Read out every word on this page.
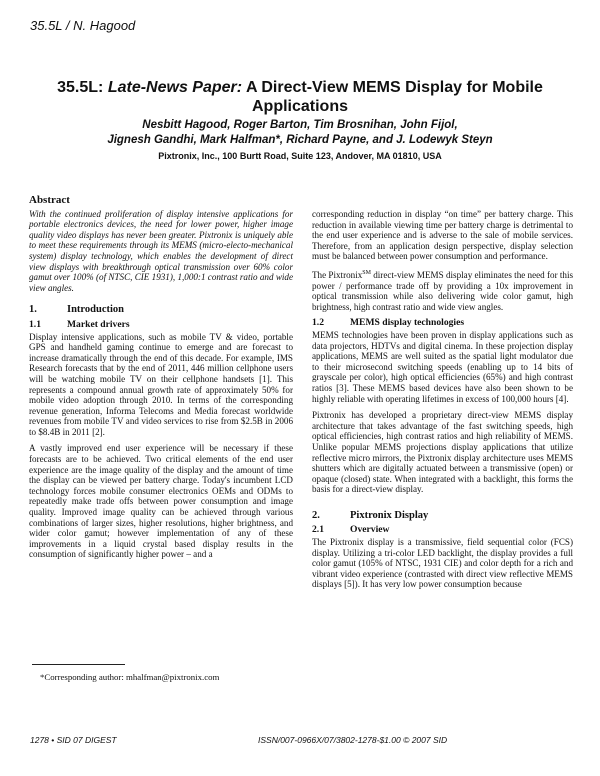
35.5L / N. Hagood
35.5L: Late-News Paper: A Direct-View MEMS Display for Mobile Applications
Nesbitt Hagood, Roger Barton, Tim Brosnihan, John Fijol,
Jignesh Gandhi, Mark Halfman*, Richard Payne, and J. Lodewyk Steyn
Pixtronix, Inc., 100 Burtt Road, Suite 123, Andover, MA 01810, USA
Abstract

With the continued proliferation of display intensive applications for portable electronics devices, the need for lower power, higher image quality video displays has never been greater. Pixtronix is uniquely able to meet these requirements through its MEMS (micro-electo-mechanical system) display technology, which enables the development of direct view displays with breakthrough optical transmission over 60% color gamut over 100% (of NTSC, CIE 1931), 1,000:1 contrast ratio and wide view angles.

1.	Introduction
1.1	Market drivers

Display intensive applications, such as mobile TV & video, portable GPS and handheld gaming continue to emerge and are forecast to increase dramatically through the end of this decade. For example, IMS Research forecasts that by the end of 2011, 446 million cellphone users will be watching mobile TV on their cellphone handsets [1]. This represents a compound annual growth rate of approximately 50% for mobile video adoption through 2010. In terms of the corresponding revenue generation, Informa Telecoms and Media forecast worldwide revenues from mobile TV and video services to rise from $2.5B in 2006 to $8.4B in 2011 [2].

A vastly improved end user experience will be necessary if these forecasts are to be achieved. Two critical elements of the end user experience are the image quality of the display and the amount of time the display can be viewed per battery charge. Today's incumbent LCD technology forces mobile consumer electronics OEMs and ODMs to repeatedly make trade offs between power consumption and image quality. Improved image quality can be achieved through various combinations of larger sizes, higher resolutions, higher brightness, and wider color gamut; however implementation of any of these improvements in a liquid crystal based display results in the consumption of significantly higher power – and a

corresponding reduction in display “on time” per battery charge. This reduction in available viewing time per battery charge is detrimental to the end user experience and is adverse to the sale of mobile services. Therefore, from an application design perspective, display selection must be balanced between power consumption and performance.

The Pixtronix℠ direct-view MEMS display eliminates the need for this power / performance trade off by providing a 10x improvement in optical transmission while also delivering wide color gamut, high brightness, high contrast ratio and wide view angles.

1.2	MEMS display technologies

MEMS technologies have been proven in display applications such as data projectors, HDTVs and digital cinema. In these projection display applications, MEMS are well suited as the spatial light modulator due to their microsecond switching speeds (enabling up to 14 bits of grayscale per color), high optical efficiencies (65%) and high contrast ratios [3]. These MEMS based devices have also been shown to be highly reliable with operating lifetimes in excess of 100,000 hours [4].

Pixtronix has developed a proprietary direct-view MEMS display architecture that takes advantage of the fast switching speeds, high optical efficiencies, high contrast ratios and high reliability of MEMS. Unlike popular MEMS projections display applications that utilize reflective micro mirrors, the Pixtronix display architecture uses MEMS shutters which are digitally actuated between a transmissive (open) or opaque (closed) state. When integrated with a backlight, this forms the basis for a direct-view display.

2.	Pixtronix Display
2.1	Overview

The Pixtronix display is a transmissive, field sequential color (FCS) display. Utilizing a tri-color LED backlight, the display provides a full color gamut (105% of NTSC, 1931 CIE) and color depth for a rich and vibrant video experience (contrasted with direct view reflective MEMS displays [5]). It has very low power consumption because

*Corresponding author: mhalfman@pixtronix.com
1278 • SID 07 DIGEST	ISSN/007-0966X/07/3802-1278-$1.00 © 2007 SID
